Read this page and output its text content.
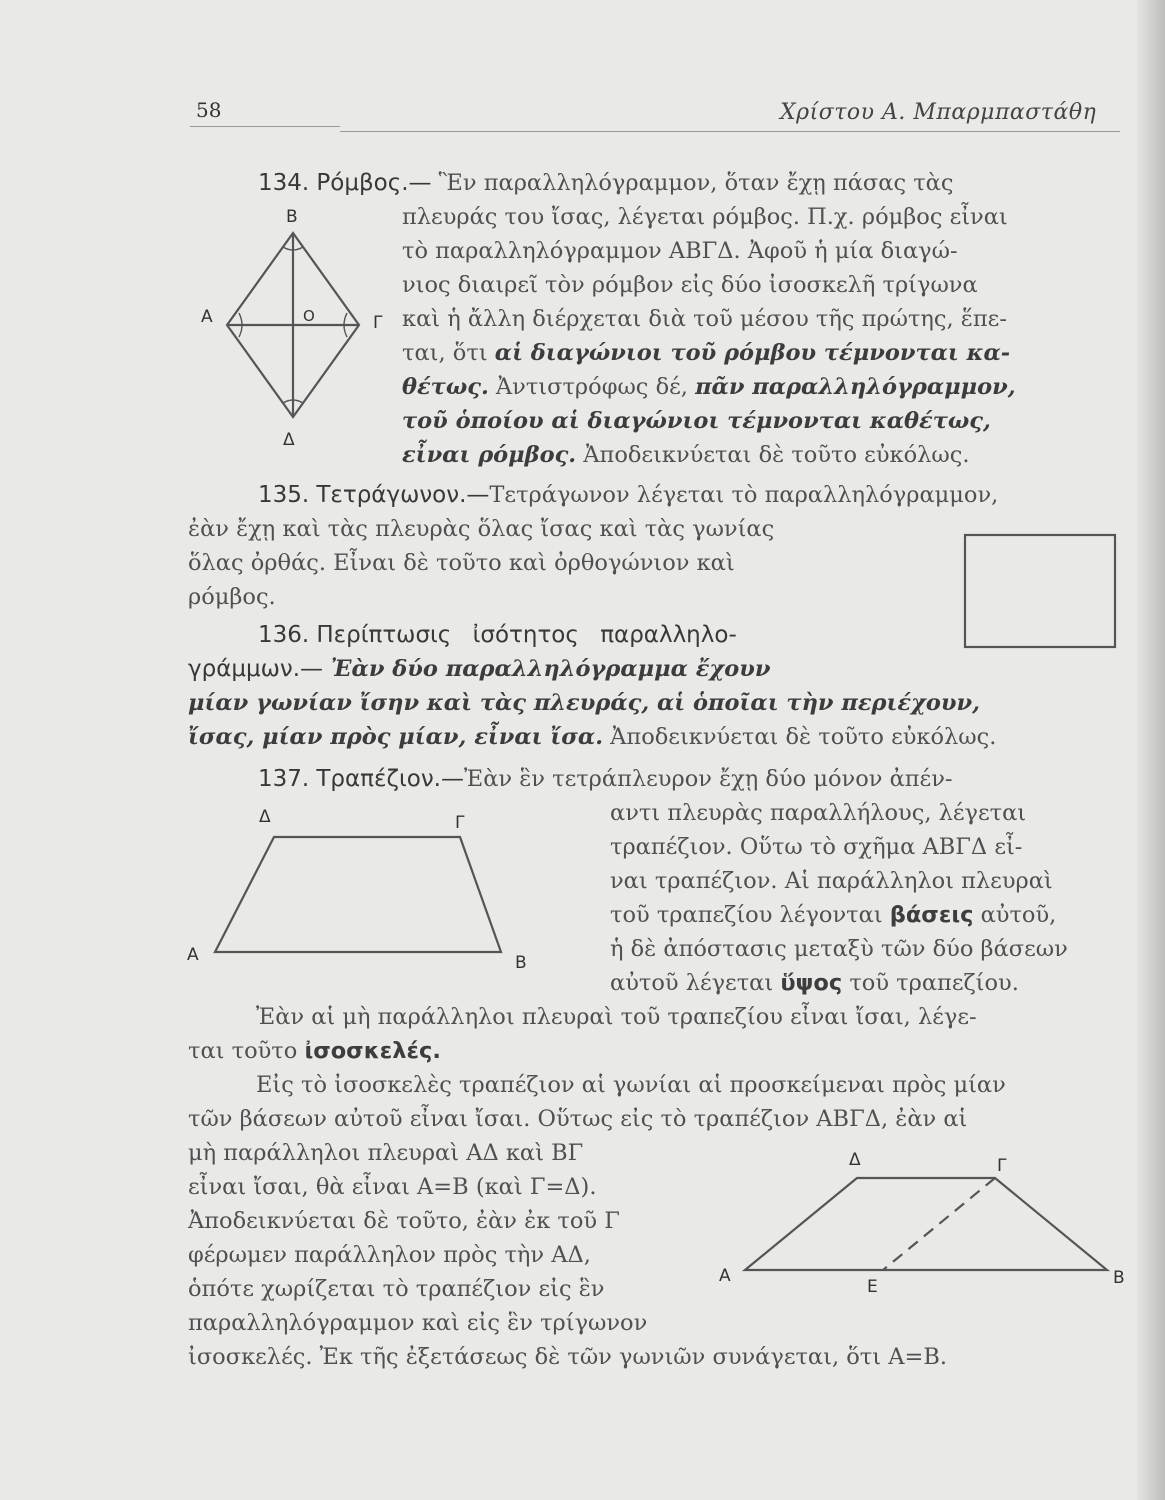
58	Χρίστου Α. Μπαρμπαστάθη
134. Ρόμβος.— Ἓν παραλληλόγραμμον, ὅταν ἔχῃ πάσας τὰς
πλευράς του ἴσας, λέγεται ρόμβος. Π.χ. ρόμβος εἶναι
τὸ παραλληλόγραμμον ΑΒΓΔ. Ἀφοῦ ἡ μία διαγώ-
νιος διαιρεῖ τὸν ρόμβον εἰς δύο ἰσοσκελῆ τρίγωνα
καὶ ἡ ἄλλη διέρχεται διὰ τοῦ μέσου τῆς πρώτης, ἕπε-
ται, ὅτι αἱ διαγώνιοι τοῦ ρόμβου τέμνονται κα-
θέτως. Ἀντιστρόφως δέ, πᾶν παραλληλόγραμμον,
τοῦ ὁποίου αἱ διαγώνιοι τέμνονται καθέτως,
εἶναι ρόμβος. Ἀποδεικνύεται δὲ τοῦτο εὐκόλως.
Β
Α	Γ
O
Δ
135. Τετράγωνον.—Τετράγωνον λέγεται τὸ παραλληλόγραμμον,
ἐὰν ἔχῃ καὶ τὰς πλευρὰς ὅλας ἴσας καὶ τὰς γωνίας
ὅλας ὀρθάς. Εἶναι δὲ τοῦτο καὶ ὀρθογώνιον καὶ
ρόμβος.
136. Περίπτωσις ἰσότητος παραλληλο-
γράμμων.— Ἐὰν δύο παραλληλόγραμμα ἔχουν
μίαν γωνίαν ἴσην καὶ τὰς πλευράς, αἱ ὁποῖαι τὴν περιέχουν,
ἴσας, μίαν πρὸς μίαν, εἶναι ἴσα. Ἀποδεικνύεται δὲ τοῦτο εὐκόλως.
137. Τραπέζιον.—Ἐὰν ἓν τετράπλευρον ἔχῃ δύο μόνον ἀπέν-
αντι πλευρὰς παραλλήλους, λέγεται
τραπέζιον. Οὕτω τὸ σχῆμα ΑΒΓΔ εἶ-
ναι τραπέζιον. Αἱ παράλληλοι πλευραὶ
τοῦ τραπεζίου λέγονται βάσεις αὐτοῦ,
ἡ δὲ ἀπόστασις μεταξὺ τῶν δύο βάσεων
αὐτοῦ λέγεται ὕψος τοῦ τραπεζίου.
Ἐὰν αἱ μὴ παράλληλοι πλευραὶ τοῦ τραπεζίου εἶναι ἴσαι, λέγε-
ται τοῦτο ἰσοσκελές.
Δ	Γ
Α	Β
Εἰς τὸ ἰσοσκελὲς τραπέζιον αἱ γωνίαι αἱ προσκείμεναι πρὸς μίαν
τῶν βάσεων αὐτοῦ εἶναι ἴσαι. Οὕτως εἰς τὸ τραπέζιον ΑΒΓΔ, ἐὰν αἱ
μὴ παράλληλοι πλευραὶ ΑΔ καὶ ΒΓ
εἶναι ἴσαι, θὰ εἶναι Α=Β (καὶ Γ=Δ).
Ἀποδεικνύεται δὲ τοῦτο, ἐὰν ἐκ τοῦ Γ
φέρωμεν παράλληλον πρὸς τὴν ΑΔ,
ὁπότε χωρίζεται τὸ τραπέζιον εἰς ἓν
παραλληλόγραμμον καὶ εἰς ἓν τρίγωνον
ἰσοσκελές. Ἐκ τῆς ἐξετάσεως δὲ τῶν γωνιῶν συνάγεται, ὅτι Α=Β.
Δ	Γ
Α
Ε	Β
